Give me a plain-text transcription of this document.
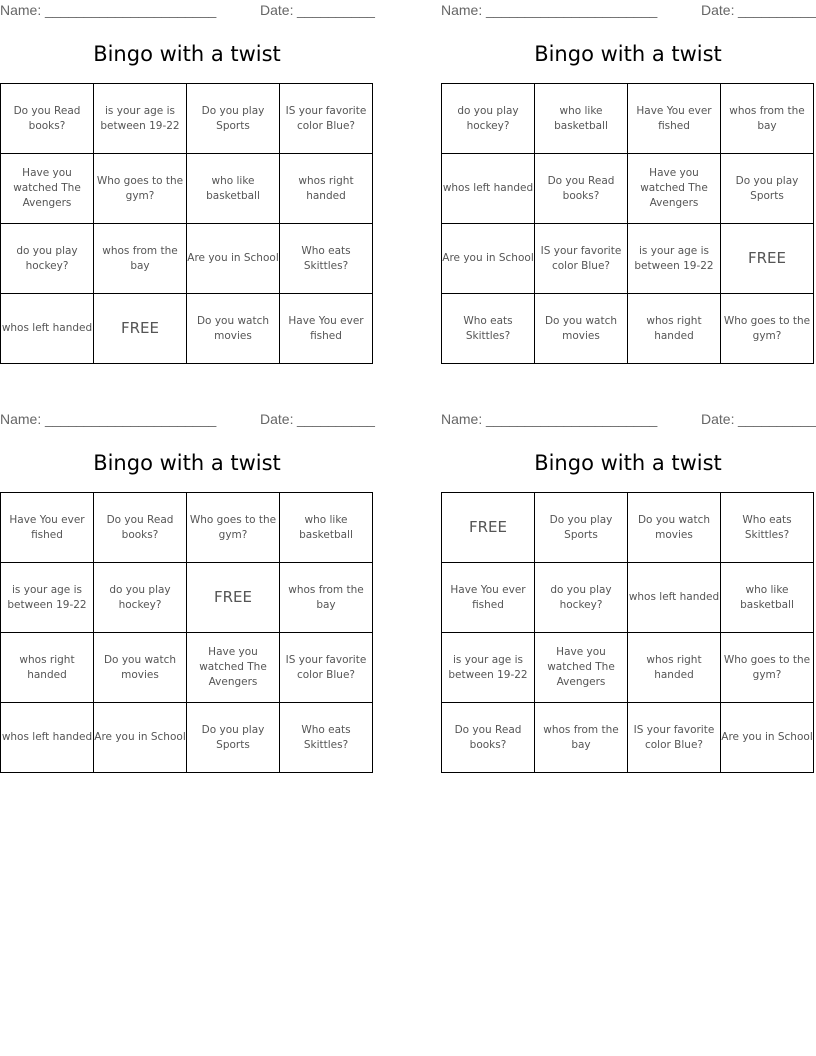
Name: ______________________	Date: __________
Bingo with a twist
Do you Read books?	is your age is between 19-22	Do you play Sports	IS your favorite color Blue?
Have you watched The Avengers	Who goes to the gym?	who like basketball	whos right handed
do you play hockey?	whos from the bay	Are you in School	Who eats Skittles?
whos left handed	FREE	Do you watch movies	Have You ever fished
Name: ______________________	Date: __________
Bingo with a twist
do you play hockey?	who like basketball	Have You ever fished	whos from the bay
whos left handed	Do you Read books?	Have you watched The Avengers	Do you play Sports
Are you in School	IS your favorite color Blue?	is your age is between 19-22	FREE
Who eats Skittles?	Do you watch movies	whos right handed	Who goes to the gym?
Name: ______________________	Date: __________
Bingo with a twist
Have You ever fished	Do you Read books?	Who goes to the gym?	who like basketball
is your age is between 19-22	do you play hockey?	FREE	whos from the bay
whos right handed	Do you watch movies	Have you watched The Avengers	IS your favorite color Blue?
whos left handed	Are you in School	Do you play Sports	Who eats Skittles?
Name: ______________________	Date: __________
Bingo with a twist
FREE	Do you play Sports	Do you watch movies	Who eats Skittles?
Have You ever fished	do you play hockey?	whos left handed	who like basketball
is your age is between 19-22	Have you watched The Avengers	whos right handed	Who goes to the gym?
Do you Read books?	whos from the bay	IS your favorite color Blue?	Are you in School
